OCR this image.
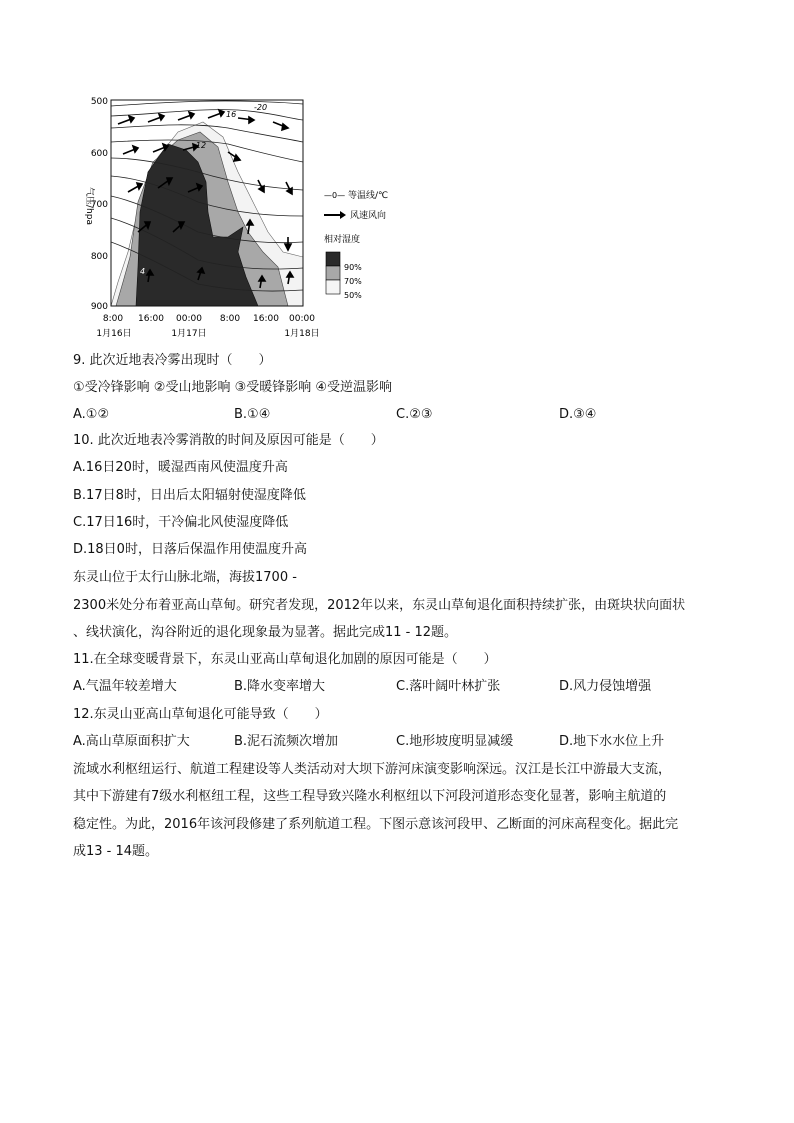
-20
16
-12
4
气压/hpa
500
600
700
800
900
8:00 16:00 00:00 8:00 16:00 00:00
1月16日	1月17日	1月18日
—0— 等温线/℃
风速风向
相对湿度
90%
70%
50%
9. 此次近地表冷雾出现时（　　）
①受冷锋影响 ②受山地影响 ③受暖锋影响 ④受逆温影响
A.①②	B.①④	C.②③	D.③④
10. 此次近地表冷雾消散的时间及原因可能是（　　）
A.16日20时，暖湿西南风使温度升高
B.17日8时，日出后太阳辐射使湿度降低
C.17日16时，干冷偏北风使湿度降低
D.18日0时，日落后保温作用使温度升高
东灵山位于太行山脉北端，海拔1700 -
2300米处分布着亚高山草甸。研究者发现，2012年以来，东灵山草甸退化面积持续扩张，由斑块状向面状
、线状演化，沟谷附近的退化现象最为显著。据此完成11 - 12题。
11.在全球变暖背景下，东灵山亚高山草甸退化加剧的原因可能是（　　）
A.气温年较差增大	B.降水变率增大	C.落叶阔叶林扩张	D.风力侵蚀增强
12.东灵山亚高山草甸退化可能导致（　　）
A.高山草原面积扩大	B.泥石流频次增加	C.地形坡度明显减缓	D.地下水水位上升
流域水利枢纽运行、航道工程建设等人类活动对大坝下游河床演变影响深远。汉江是长江中游最大支流，
其中下游建有7级水利枢纽工程，这些工程导致兴隆水利枢纽以下河段河道形态变化显著，影响主航道的
稳定性。为此，2016年该河段修建了系列航道工程。下图示意该河段甲、乙断面的河床高程变化。据此完
成13 - 14题。
